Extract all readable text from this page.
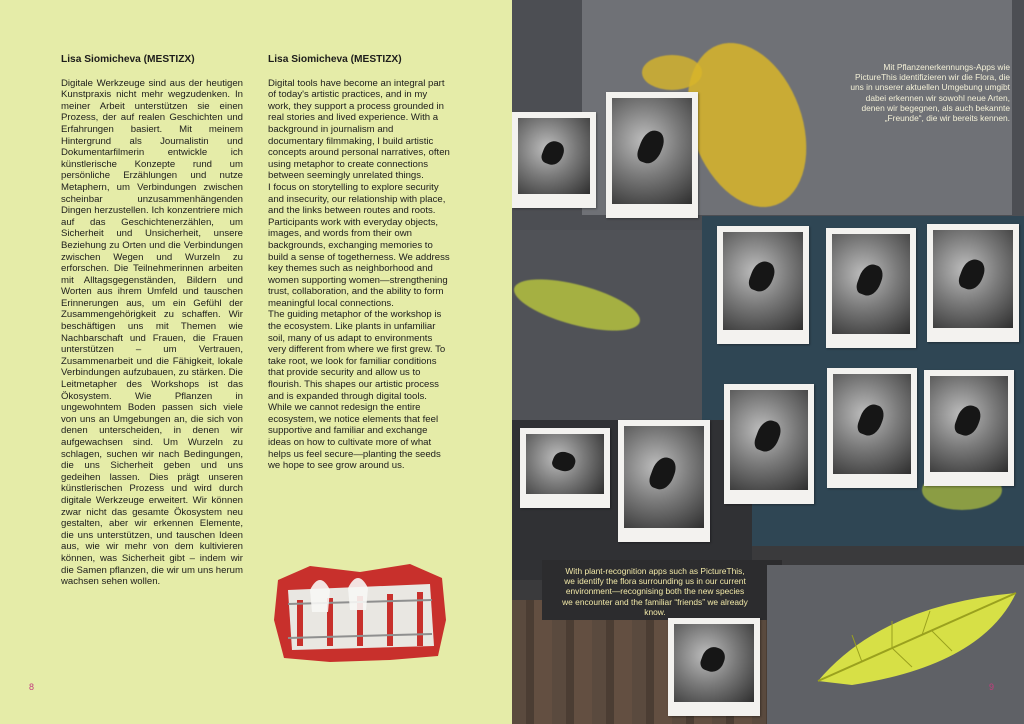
Lisa Siomicheva (MESTIZX)

Digitale Werkzeuge sind aus der heutigen Kunstpraxis nicht mehr wegzudenken. In meiner Arbeit unterstützen sie einen Prozess, der auf realen Geschichten und Erfahrungen basiert. Mit meinem Hintergrund als Journalistin und Dokumentarfilmerin entwickle ich künstlerische Konzepte rund um persönliche Erzählungen und nutze Metaphern, um Verbindungen zwischen scheinbar unzusammenhängenden Dingen herzustellen. Ich konzentriere mich auf das Geschichtenerzählen, um Sicherheit und Unsicherheit, unsere Beziehung zu Orten und die Verbindungen zwischen Wegen und Wurzeln zu erforschen. Die Teilnehmerinnen arbeiten mit Alltagsgegenständen, Bildern und Worten aus ihrem Umfeld und tauschen Erinnerungen aus, um ein Gefühl der Zusammengehörigkeit zu schaffen. Wir beschäftigen uns mit Themen wie Nachbarschaft und Frauen, die Frauen unterstützen – um Vertrauen, Zusammenarbeit und die Fähigkeit, lokale Verbindungen aufzubauen, zu stärken. Die Leitmetapher des Workshops ist das Ökosystem. Wie Pflanzen in ungewohntem Boden passen sich viele von uns an Umgebungen an, die sich von denen unterscheiden, in denen wir aufgewachsen sind. Um Wurzeln zu schlagen, suchen wir nach Bedingungen, die uns Sicherheit geben und uns gedeihen lassen. Dies prägt unseren künstlerischen Prozess und wird durch digitale Werkzeuge erweitert. Wir können zwar nicht das gesamte Ökosystem neu gestalten, aber wir erkennen Elemente, die uns unterstützen, und tauschen Ideen aus, wie wir mehr von dem kultivieren können, was Sicherheit gibt – indem wir die Samen pflanzen, die wir um uns herum wachsen sehen wollen.

Lisa Siomicheva (MESTIZX)

Digital tools have become an integral part of today's artistic practices, and in my work, they support a process grounded in real stories and lived experience. With a background in journalism and documentary filmmaking, I build artistic concepts around personal narratives, often using metaphor to create connections between seemingly unrelated things.

I focus on storytelling to explore security and insecurity, our relationship with place, and the links between routes and roots. Participants work with everyday objects, images, and words from their own backgrounds, exchanging memories to build a sense of togetherness. We address key themes such as neighborhood and women supporting women—strengthening trust, collaboration, and the ability to form meaningful local connections.

The guiding metaphor of the workshop is the ecosystem. Like plants in unfamiliar soil, many of us adapt to environments very different from where we first grew. To take root, we look for familiar conditions that provide security and allow us to flourish. This shapes our artistic process and is expanded through digital tools. While we cannot redesign the entire ecosystem, we notice elements that feel supportive and familiar and exchange ideas on how to cultivate more of what helps us feel secure—planting the seeds we hope to see grow around us.

8
Mit Pflanzenerkennungs-Apps wie PictureThis identifizieren wir die Flora, die uns in unserer aktuellen Umgebung umgibt dabei erkennen wir sowohl neue Arten, denen wir begegnen, als auch bekannte „Freunde“, die wir bereits kennen.
With plant-recognition apps such as PictureThis, we identify the flora surrounding us in our current environment—recognising both the new species we encounter and the familiar “friends” we already know.
9
